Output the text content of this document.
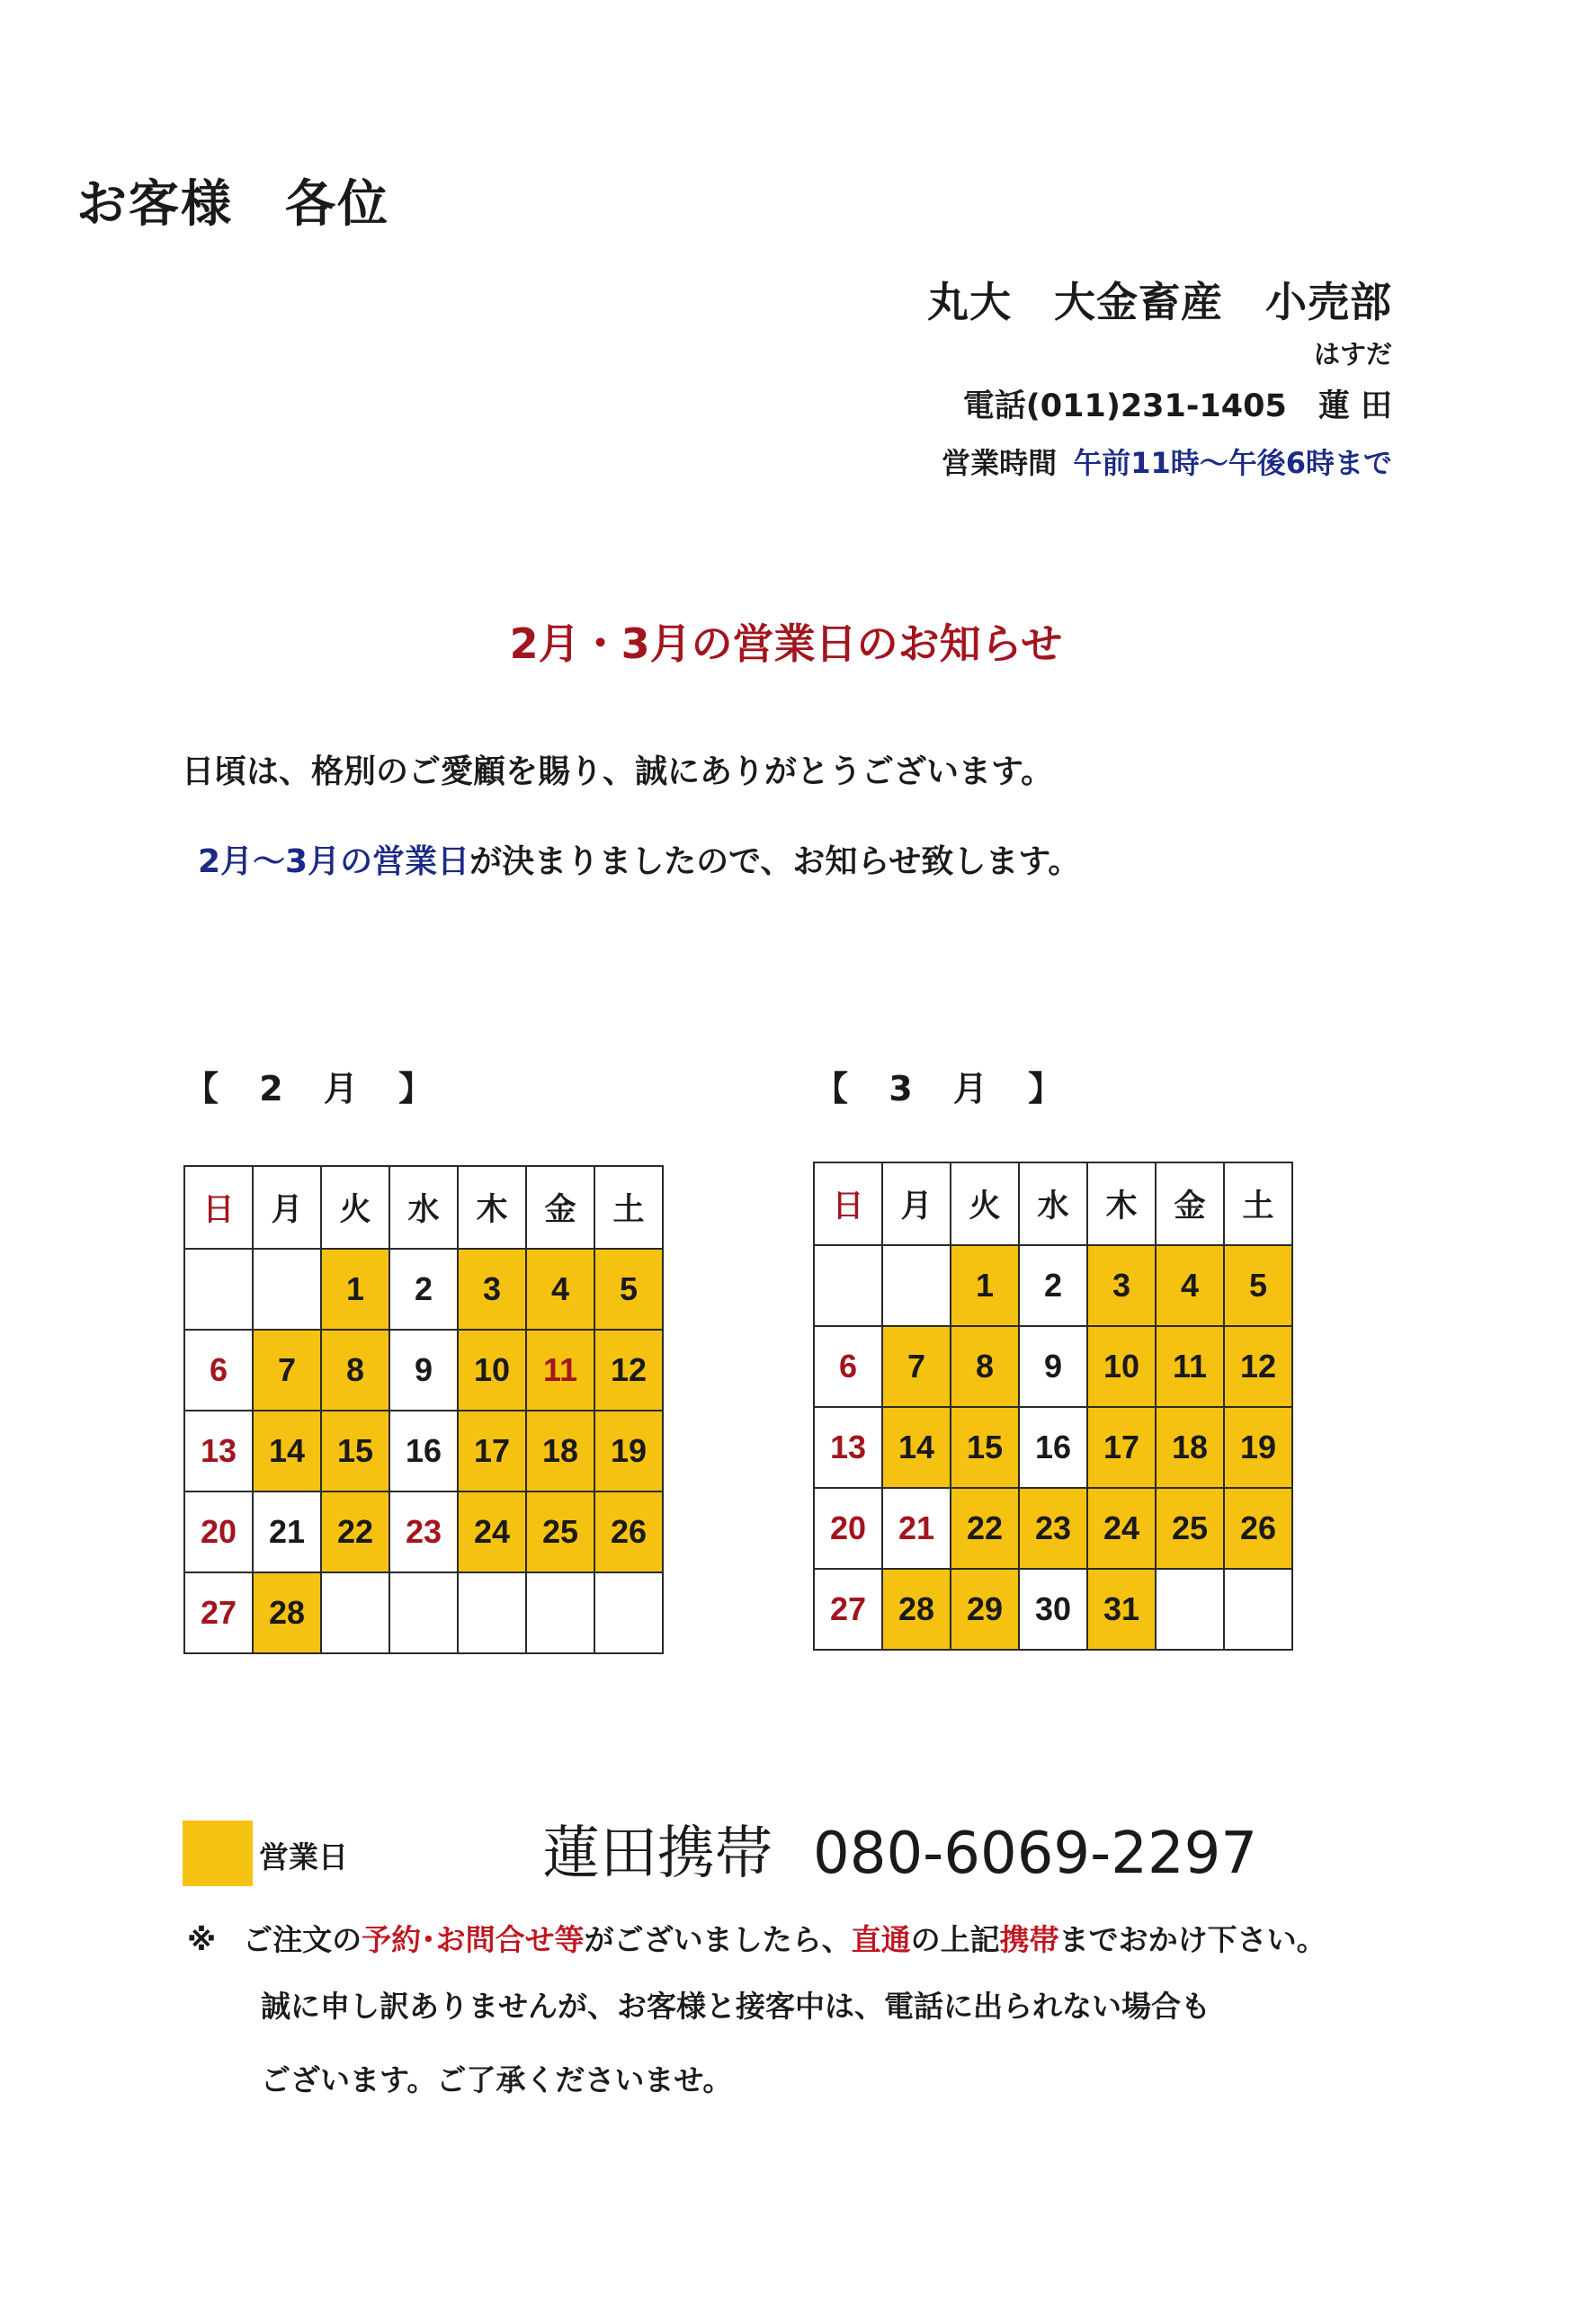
お客様　各位
丸大　大金畜産　小売部
はすだ
電話(011)231-1405　蓮 田
営業時間 午前11時～午後6時まで
2月・3月の営業日のお知らせ
日頃は、格別のご愛顧を賜り、誠にありがとうございます。
2月～3月の営業日が決まりましたので、お知らせ致します。
【 2 月 】	【 3 月 】
日	月	火	水	木	金	土
		1	2	3	4	5
6	7	8	9	10	11	12
13	14	15	16	17	18	19
20	21	22	23	24	25	26
27	28					
日	月	火	水	木	金	土
		1	2	3	4	5
6	7	8	9	10	11	12
13	14	15	16	17	18	19
20	21	22	23	24	25	26
27	28	29	30	31		
営業日	蓮田携帯 080-6069-2297
※ ご注文の予約･お問合せ等がございましたら、直通の上記携帯までおかけ下さい。
誠に申し訳ありませんが、お客様と接客中は、電話に出られない場合も
ございます。ご了承くださいませ。
